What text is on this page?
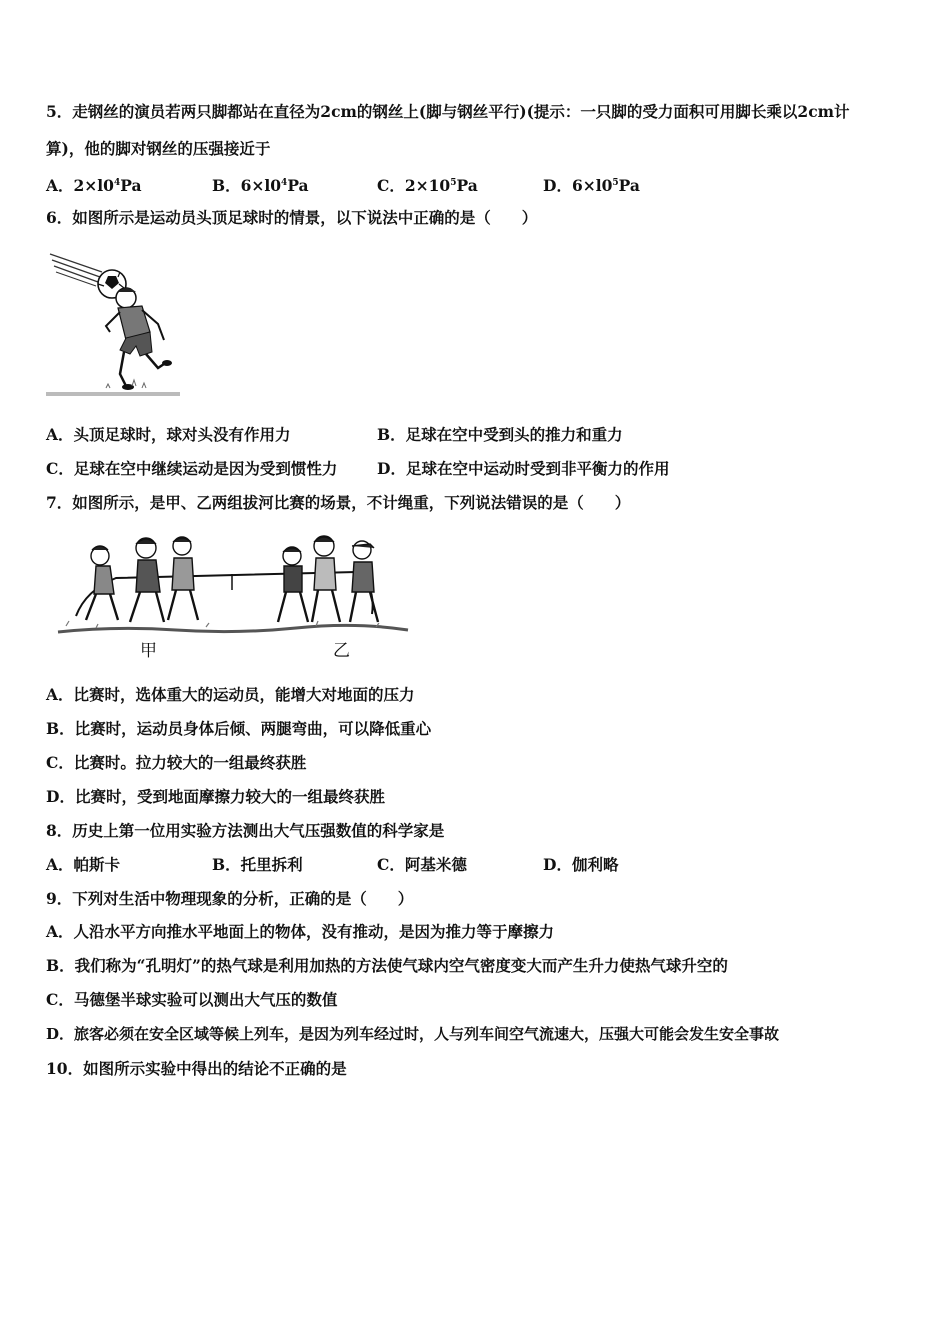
5．走钢丝的演员若两只脚都站在直径为2cm的钢丝上(脚与钢丝平行)(提示：一只脚的受力面积可用脚长乘以2cm计
算)，他的脚对钢丝的压强接近于
A．$2\times l0^4Pa$	B．$6\times l0^4Pa$	C．$2\times 10^5Pa$	D．$6\times l0^5Pa$
6．如图所示是运动员头顶足球时的情景，以下说法中正确的是（　　）
A．头顶足球时，球对头没有作用力	B．足球在空中受到头的推力和重力
C．足球在空中继续运动是因为受到惯性力	D．足球在空中运动时受到非平衡力的作用
7．如图所示，是甲、乙两组拔河比赛的场景，不计绳重，下列说法错误的是（　　）
甲	乙
A．比赛时，选体重大的运动员，能增大对地面的压力
B．比赛时，运动员身体后倾、两腿弯曲，可以降低重心
C．比赛时。拉力较大的一组最终获胜
D．比赛时，受到地面摩擦力较大的一组最终获胜
8．历史上第一位用实验方法测出大气压强数值的科学家是
A．帕斯卡	B．托里拆利	C．阿基米德	D．伽利略
9．下列对生活中物理现象的分析，正确的是（　　）
A．人沿水平方向推水平地面上的物体，没有推动，是因为推力等于摩擦力
B．我们称为“孔明灯”的热气球是利用加热的方法使气球内空气密度变大而产生升力使热气球升空的
C．马德堡半球实验可以测出大气压的数值
D．旅客必须在安全区域等候上列车，是因为列车经过时，人与列车间空气流速大，压强大可能会发生安全事故
10．如图所示实验中得出的结论不正确的是
